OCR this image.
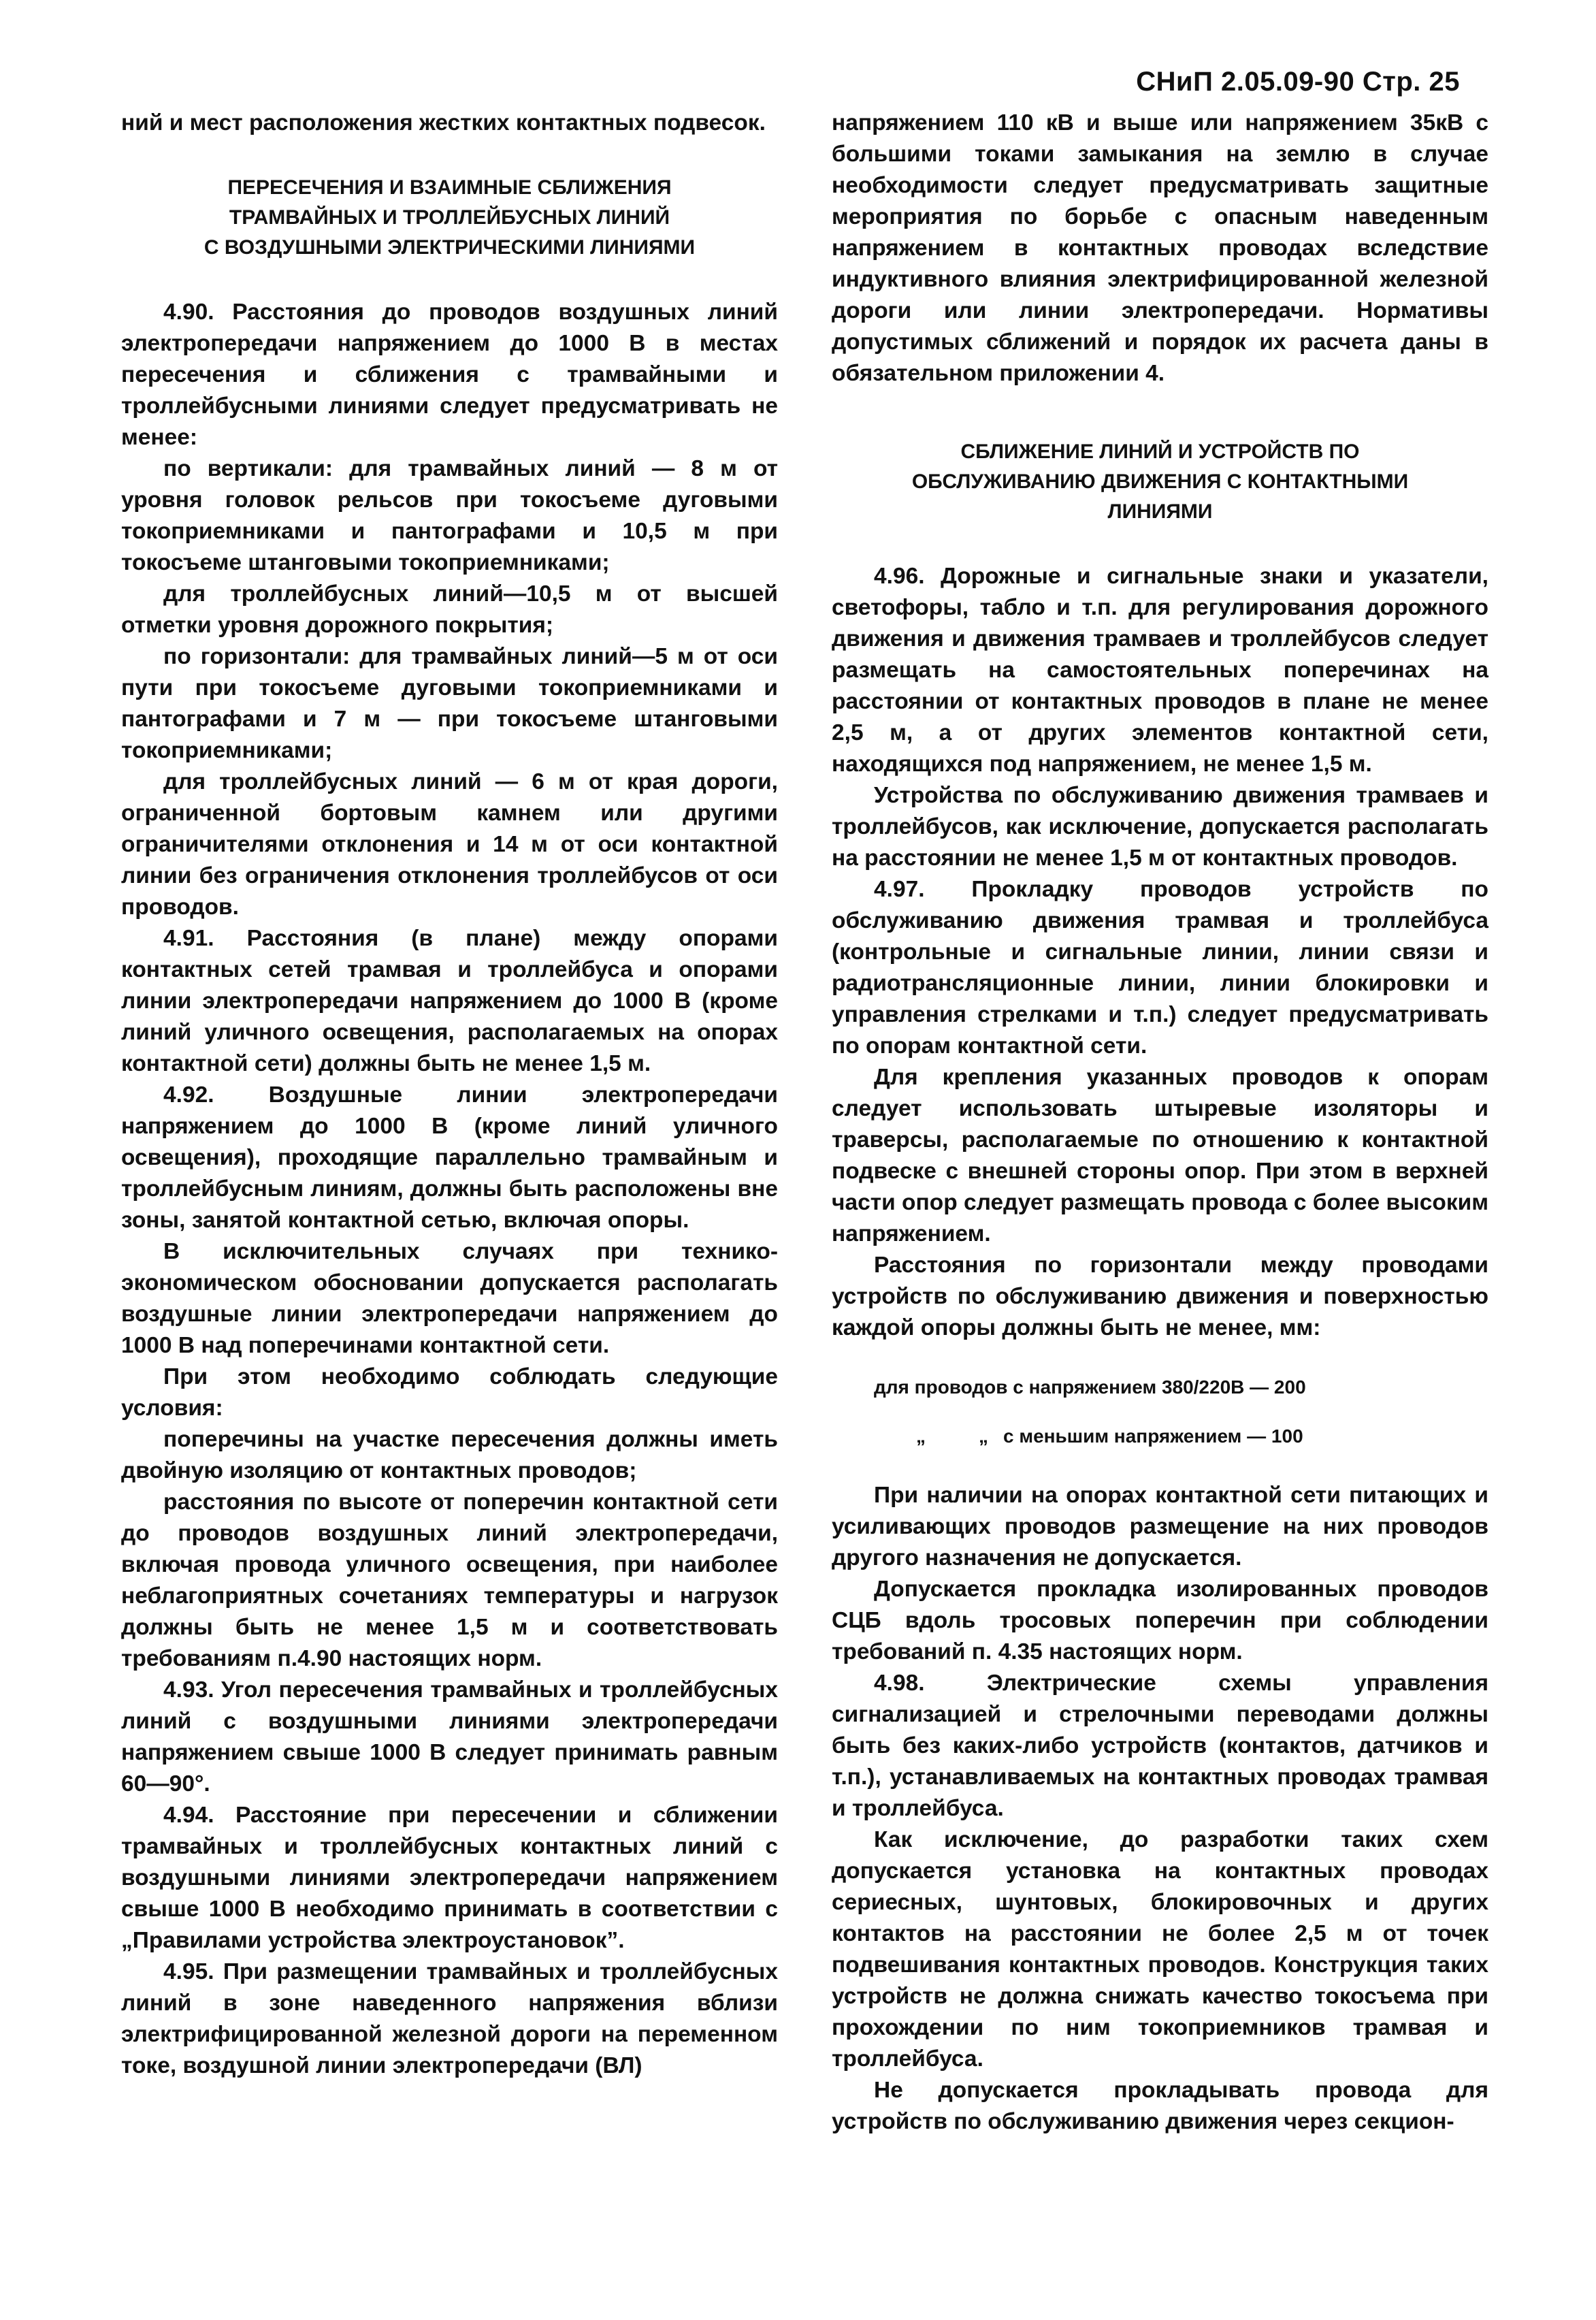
СНиП 2.05.09-90 Стр. 25

ний и мест расположения жестких контактных подвесок.

ПЕРЕСЕЧЕНИЯ И ВЗАИМНЫЕ СБЛИЖЕНИЯ

ТРАМВАЙНЫХ И ТРОЛЛЕЙБУСНЫХ ЛИНИЙ

С ВОЗДУШНЫМИ ЭЛЕКТРИЧЕСКИМИ ЛИНИЯМИ

4.90. Расстояния до проводов воздушных линий электропередачи напряжением до 1000 В в местах пересечения и сближения с трамвайными и троллейбусными линиями следует предусматривать не менее:

по вертикали: для трамвайных линий — 8 м от уровня головок рельсов при токосъеме дуговыми токоприемниками и пантографами и 10,5 м при токосъеме штанговыми токоприемниками;

для троллейбусных линий—10,5 м от высшей отметки уровня дорожного покрытия;

по горизонтали: для трамвайных линий—5 м от оси пути при токосъеме дуговыми токоприемниками и пантографами и 7 м — при токосъеме штанговыми токоприемниками;

для троллейбусных линий — 6 м от края дороги, ограниченной бортовым камнем или другими ограничителями отклонения и 14 м от оси контактной линии без ограничения отклонения троллейбусов от оси проводов.

4.91. Расстояния (в плане) между опорами контактных сетей трамвая и троллейбуса и опорами линии электропередачи напряжением до 1000 В (кроме линий уличного освещения, располагаемых на опорах контактной сети) должны быть не менее 1,5 м.

4.92. Воздушные линии электропередачи напряжением до 1000 В (кроме линий уличного освещения), проходящие параллельно трамвайным и троллейбусным линиям, должны быть расположены вне зоны, занятой контактной сетью, включая опоры.

В исключительных случаях при технико-экономическом обосновании допускается располагать воздушные линии электропередачи напряжением до 1000 В над поперечинами контактной сети.

При этом необходимо соблюдать следующие условия:

поперечины на участке пересечения должны иметь двойную изоляцию от контактных проводов;

расстояния по высоте от поперечин контактной сети до проводов воздушных линий электропередачи, включая провода уличного освещения, при наиболее неблагоприятных сочетаниях температуры и нагрузок должны быть не менее 1,5 м и соответствовать требованиям п.4.90 настоящих норм.

4.93. Угол пересечения трамвайных и троллейбусных линий с воздушными линиями электропередачи напряжением свыше 1000 В следует принимать равным 60—90°.

4.94. Расстояние при пересечении и сближении трамвайных и троллейбусных контактных линий с воздушными линиями электропередачи напряжением свыше 1000 В необходимо принимать в соответствии с „Правилами устройства электроустановок”.

4.95. При размещении трамвайных и троллейбусных линий в зоне наведенного напряжения вблизи электрифицированной железной дороги на переменном токе, воздушной линии электропередачи (ВЛ)

напряжением 110 кВ и выше или напряжением 35кВ с большими токами замыкания на землю в случае необходимости следует предусматривать защитные мероприятия по борьбе с опасным наведенным напряжением в контактных проводах вследствие индуктивного влияния электрифицированной железной дороги или линии электропередачи. Нормативы допустимых сближений и порядок их расчета даны в обязательном приложении 4.

СБЛИЖЕНИЕ ЛИНИЙ И УСТРОЙСТВ ПО

ОБСЛУЖИВАНИЮ ДВИЖЕНИЯ С КОНТАКТНЫМИ

ЛИНИЯМИ

4.96. Дорожные и сигнальные знаки и указатели, светофоры, табло и т.п. для регулирования дорожного движения и движения трамваев и троллейбусов следует размещать на самостоятельных поперечинах на расстоянии от контактных проводов в плане не менее 2,5 м, а от других элементов контактной сети, находящихся под напряжением, не менее 1,5 м.

Устройства по обслуживанию движения трамваев и троллейбусов, как исключение, допускается располагать на расстоянии не менее 1,5 м от контактных проводов.

4.97. Прокладку проводов устройств по обслуживанию движения трамвая и троллейбуса (контрольные и сигнальные линии, линии связи и радиотрансляционные линии, линии блокировки и управления стрелками и т.п.) следует предусматривать по опорам контактной сети.

Для крепления указанных проводов к опорам следует использовать штыревые изоляторы и траверсы, располагаемые по отношению к контактной подвеске с внешней стороны опор. При этом в верхней части опор следует размещать провода с более высоким напряжением.

Расстояния по горизонтали между проводами устройств по обслуживанию движения и поверхностью каждой опоры должны быть не менее, мм:

для проводов с напряжением 380/220В — 200

„	„ с меньшим напряжением — 100

При наличии на опорах контактной сети питающих и усиливающих проводов размещение на них проводов другого назначения не допускается.

Допускается прокладка изолированных проводов СЦБ вдоль тросовых поперечин при соблюдении требований п. 4.35 настоящих норм.

4.98.	Электрические схемы управления сигнализацией и стрелочными переводами должны быть без каких-либо устройств (контактов, датчиков и т.п.), устанавливаемых на контактных проводах трамвая и троллейбуса.

Как исключение, до разработки таких схем допускается установка на контактных проводах сериесных, шунтовых, блокировочных и других контактов на расстоянии не более 2,5 м от точек подвешивания контактных проводов. Конструкция таких устройств не должна снижать качество токосъема при прохождении по ним токоприемников трамвая и троллейбуса.

Не допускается прокладывать провода для устройств по обслуживанию движения через секцион-
